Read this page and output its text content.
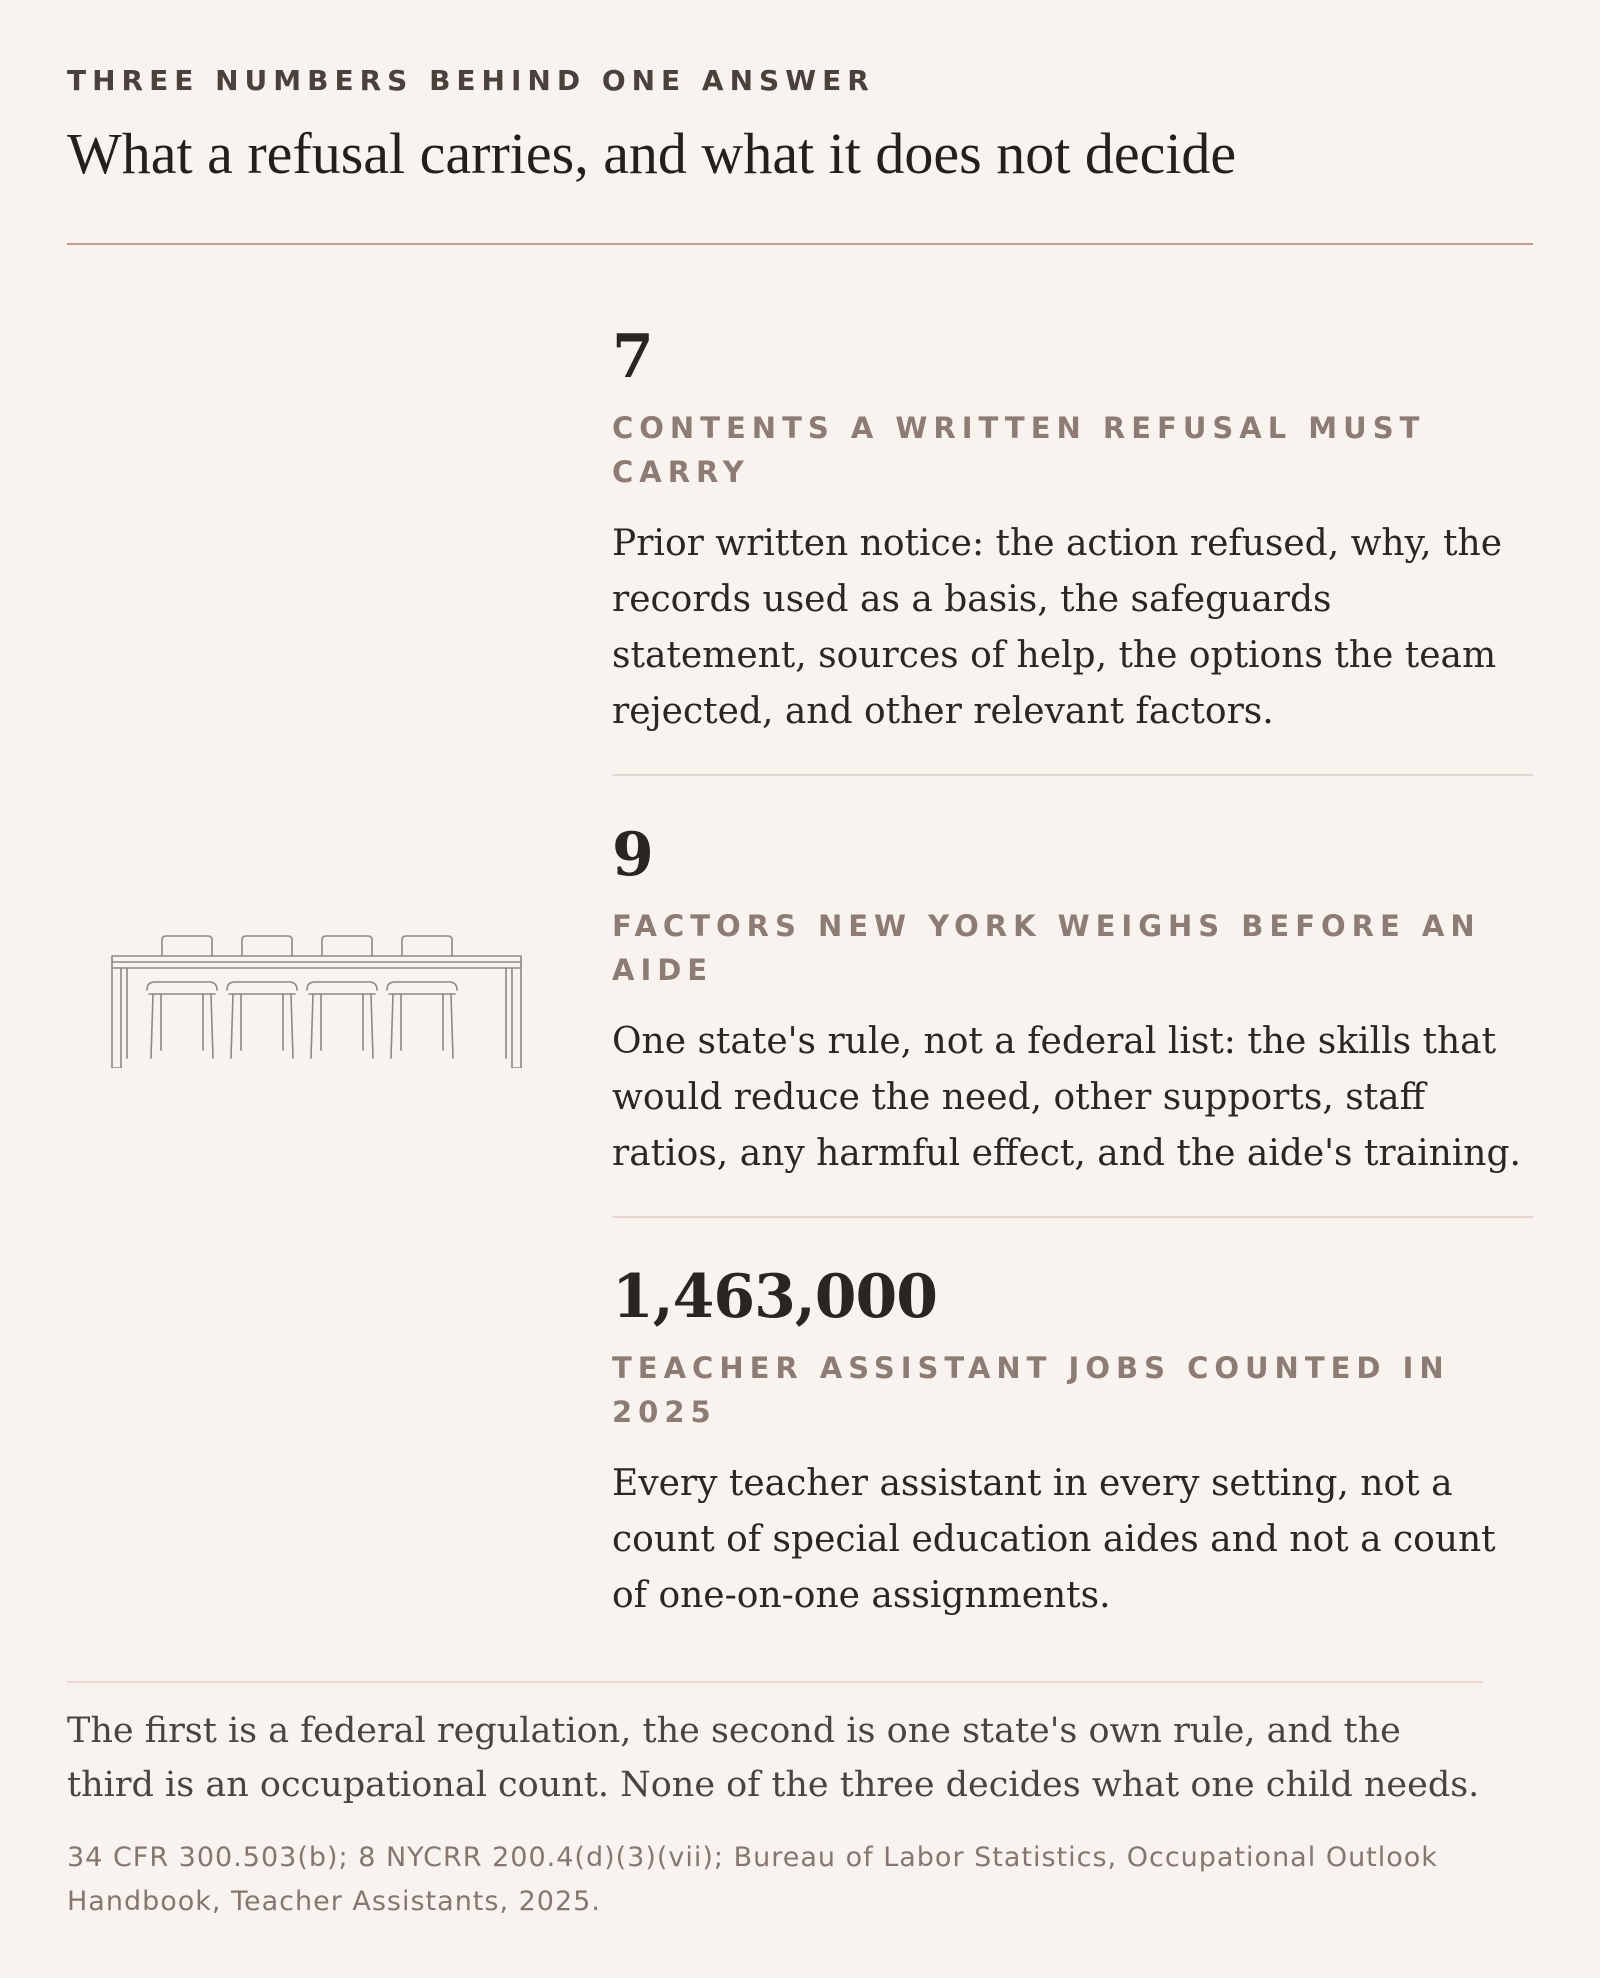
THREE NUMBERS BEHIND ONE ANSWER
What a refusal carries, and what it does not decide
7
CONTENTS A WRITTEN REFUSAL MUST CARRY

Prior written notice: the action refused, why, the records used as a basis, the safeguards statement, sources of help, the options the team rejected, and other relevant factors.

9
FACTORS NEW YORK WEIGHS BEFORE AN AIDE

One state's rule, not a federal list: the skills that would reduce the need, other supports, staff ratios, any harmful effect, and the aide's training.

1,463,000
TEACHER ASSISTANT JOBS COUNTED IN 2025

Every teacher assistant in every setting, not a count of special education aides and not a count of one-on-one assignments.

The first is a federal regulation, the second is one state's own rule, and the third is an occupational count. None of the three decides what one child needs.

34 CFR 300.503(b); 8 NYCRR 200.4(d)(3)(vii); Bureau of Labor Statistics, Occupational Outlook Handbook, Teacher Assistants, 2025.
